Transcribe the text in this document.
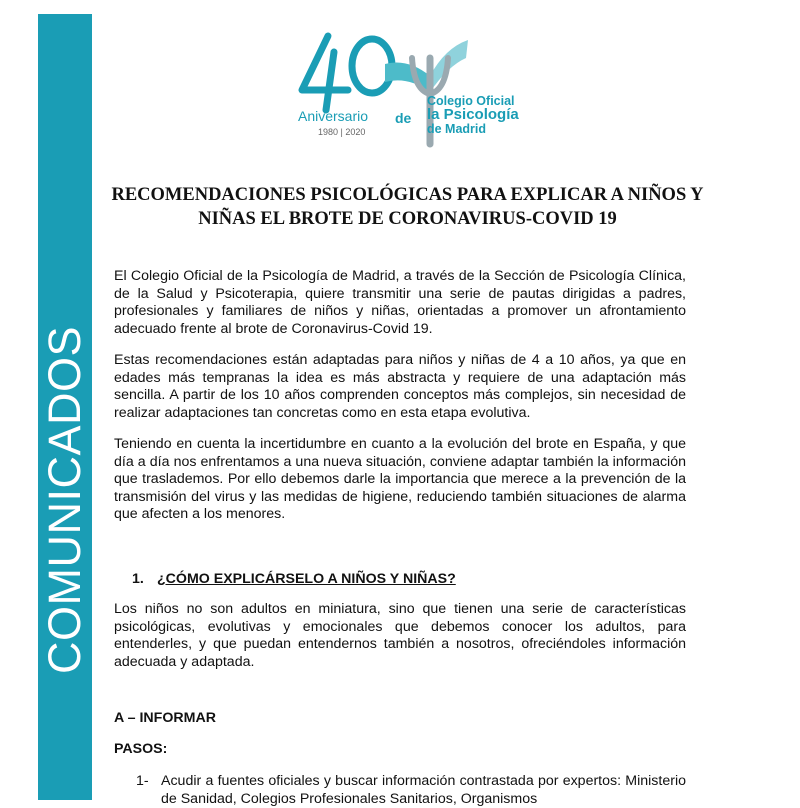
COMUNICADOS
Aniversario
1980 | 2020
de
Colegio Oficial
la Psicología
de Madrid
RECOMENDACIONES PSICOLÓGICAS PARA EXPLICAR A NIÑOS Y NIÑAS EL BROTE DE CORONAVIRUS-COVID 19

El Colegio Oficial de la Psicología de Madrid, a través de la Sección de Psicología Clínica, de la Salud y Psicoterapia, quiere transmitir una serie de pautas dirigidas a padres, profesionales y familiares de niños y niñas, orientadas a promover un afrontamiento adecuado frente al brote de Coronavirus-Covid 19.

Estas recomendaciones están adaptadas para niños y niñas de 4 a 10 años, ya que en edades más tempranas la idea es más abstracta y requiere de una adaptación más sencilla. A partir de los 10 años comprenden conceptos más complejos, sin necesidad de realizar adaptaciones tan concretas como en esta etapa evolutiva.

Teniendo en cuenta la incertidumbre en cuanto a la evolución del brote en España, y que día a día nos enfrentamos a una nueva situación, conviene adaptar también la información que traslademos. Por ello debemos darle la importancia que merece a la prevención de la transmisión del virus y las medidas de higiene, reduciendo también situaciones de alarma que afecten a los menores.

1. ¿CÓMO EXPLICÁRSELO A NIÑOS Y NIÑAS?

Los niños no son adultos en miniatura, sino que tienen una serie de características psicológicas, evolutivas y emocionales que debemos conocer los adultos, para entenderles, y que puedan entendernos también a nosotros, ofreciéndoles información adecuada y adaptada.

A – INFORMAR
PASOS:
1- Acudir a fuentes oficiales y buscar información contrastada por expertos: Ministerio de Sanidad, Colegios Profesionales Sanitarios, Organismos
